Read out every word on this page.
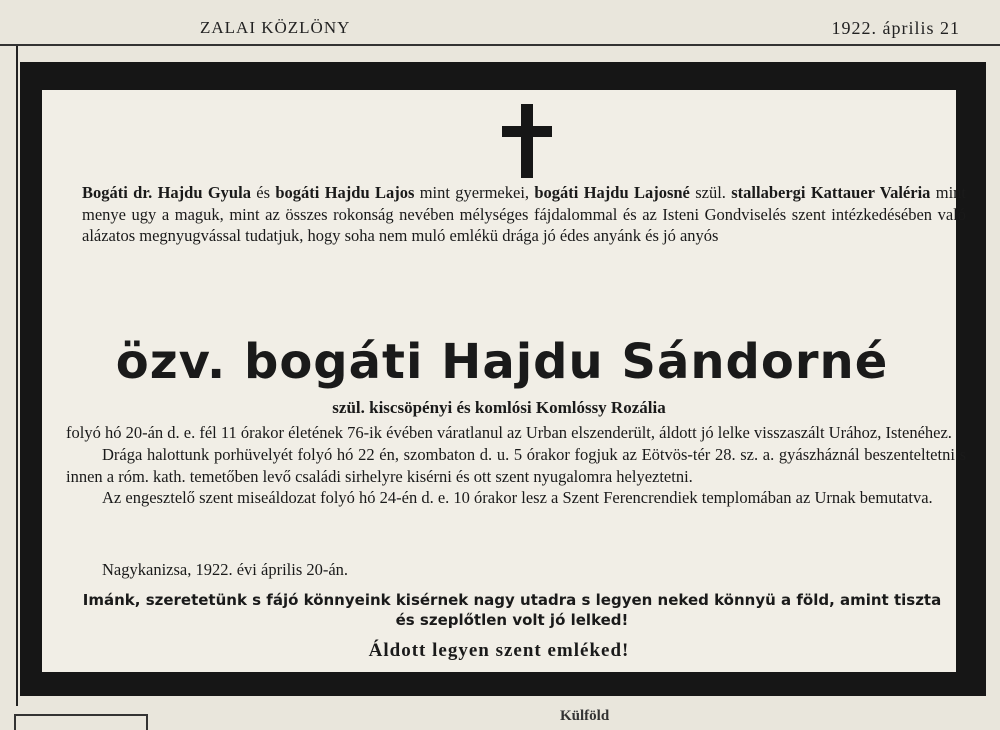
ZALAI KÖZLÖNY	1922. április 21

Bogáti dr. Hajdu Gyula és bogáti Hajdu Lajos mint gyermekei, bogáti Hajdu Lajosné szül. stallabergi Kattauer Valéria mint menye ugy a maguk, mint az összes rokonság nevében mélységes fájdalommal és az Isteni Gondviselés szent intézkedésében való alázatos megnyugvással tudatjuk, hogy soha nem muló emlékü drága jó édes anyánk és jó anyós

özv. bogáti Hajdu Sándorné

szül. kiscsöpényi és komlósi Komlóssy Rozália

folyó hó 20-án d. e. fél 11 órakor életének 76-ik évében váratlanul az Urban elszenderült, áldott jó lelke visszaszált Urához, Istenéhez.
Drága halottunk porhüvelyét folyó hó 22 én, szombaton d. u. 5 órakor fogjuk az Eötvös-tér 28. sz. a. gyászháznál beszenteltetni s innen a róm. kath. temetőben levő családi sirhelyre kisérni és ott szent nyugalomra helyeztetni.
Az engesztelő szent miseáldozat folyó hó 24-én d. e. 10 órakor lesz a Szent Ferencrendiek templomában az Urnak bemutatva.

Nagykanizsa, 1922. évi április 20-án.

Imánk, szeretetünk s fájó könnyeink kisérnek nagy utadra s legyen neked könnyü a föld, amint tiszta és szeplőtlen volt jó lelked!

Áldott legyen szent emléked!

Külföld
